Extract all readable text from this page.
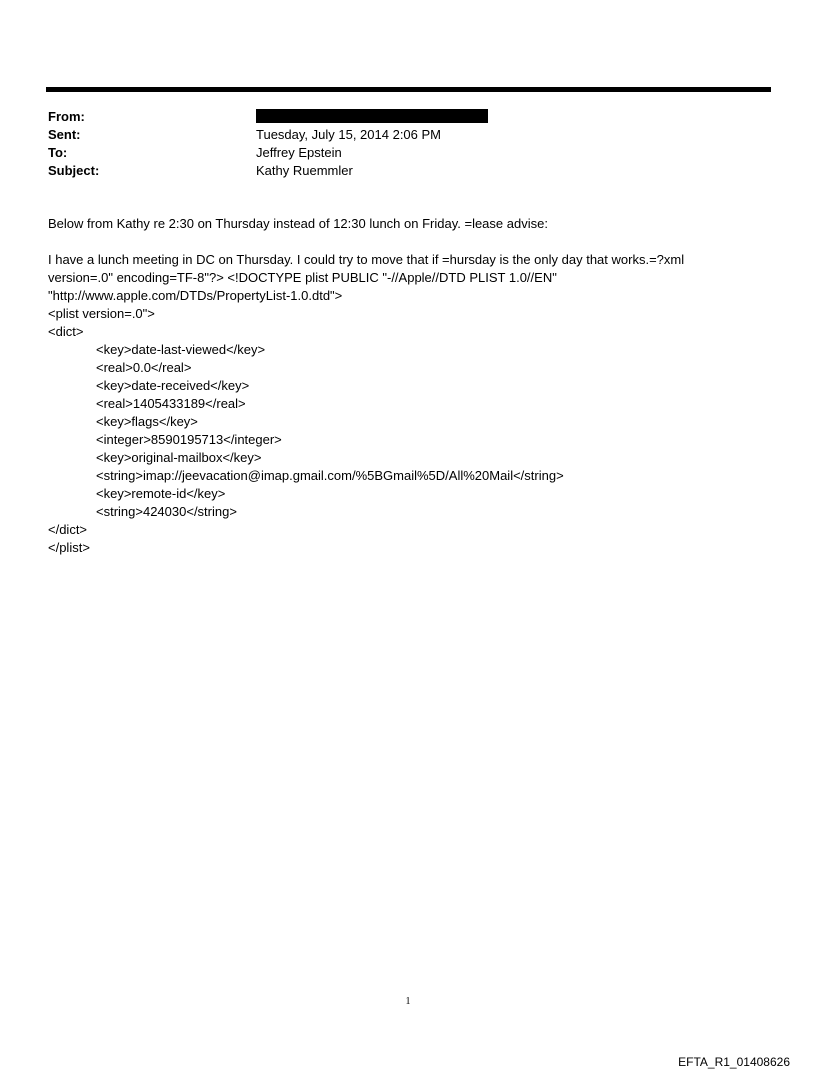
From:
Sent:	Tuesday, July 15, 2014 2:06 PM
To:	Jeffrey Epstein
Subject:	Kathy Ruemmler
Below from Kathy re 2:30 on Thursday instead of 12:30 lunch on Friday. =lease advise:
I have a lunch meeting in DC on Thursday. I could try to move that if =hursday is the only day that works.=?xml
version=.0" encoding=TF-8"?> <!DOCTYPE plist PUBLIC "-//Apple//DTD PLIST 1.0//EN"
"http://www.apple.com/DTDs/PropertyList-1.0.dtd">
<plist version=.0">
<dict>
<key>date-last-viewed</key>
<real>0.0</real>
<key>date-received</key>
<real>1405433189</real>
<key>flags</key>
<integer>8590195713</integer>
<key>original-mailbox</key>
<string>imap://jeevacation@imap.gmail.com/%5BGmail%5D/All%20Mail</string>
<key>remote-id</key>
<string>424030</string>
</dict>
</plist>
1
EFTA_R1_01408626
